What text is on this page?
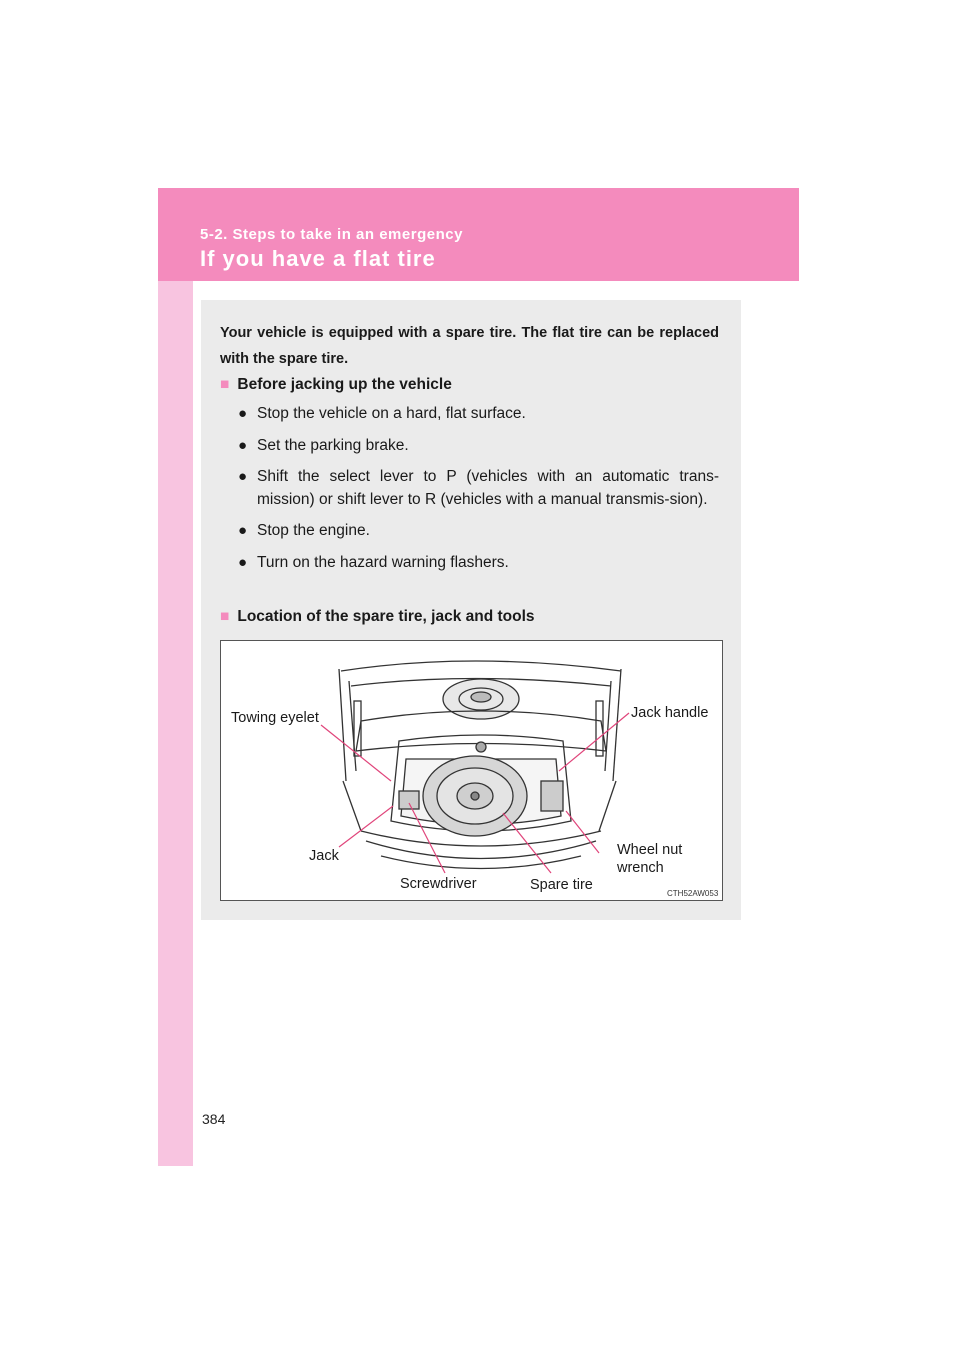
5-2. Steps to take in an emergency
If you have a flat tire

Your vehicle is equipped with a spare tire. The flat tire can be replaced with the spare tire.

■ Before jacking up the vehicle
● Stop the vehicle on a hard, flat surface.
● Set the parking brake.
● Shift the select lever to P (vehicles with an automatic trans-mission) or shift lever to R (vehicles with a manual transmis-sion).
● Stop the engine.
● Turn on the hazard warning flashers.
■ Location of the spare tire, jack and tools
Towing eyelet	Jack handle
Jack	Wheel nut
wrench
Screwdriver	Spare tire
CTH52AW053
384
